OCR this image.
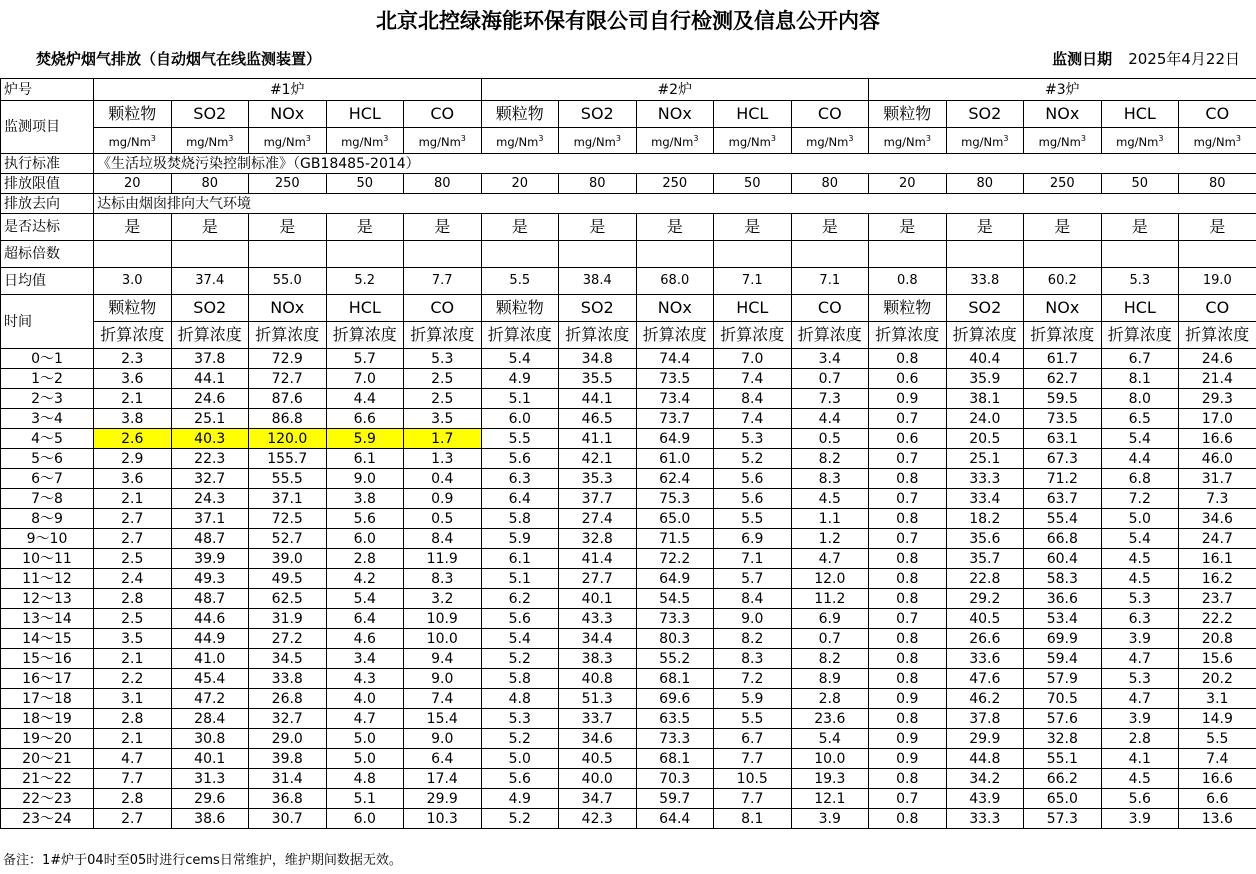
北京北控绿海能环保有限公司自行检测及信息公开内容
焚烧炉烟气排放（自动烟气在线监测装置）	监测日期 2025年4月22日
炉号	#1炉					#2炉					#3炉				
监测项目	颗粒物	SO2	NOx	HCL	CO	颗粒物	SO2	NOx	HCL	CO	颗粒物	SO2	NOx	HCL	CO
	mg/Nm$^3$	mg/Nm$^3$	mg/Nm$^3$	mg/Nm$^3$	mg/Nm$^3$	mg/Nm$^3$	mg/Nm$^3$	mg/Nm$^3$	mg/Nm$^3$	mg/Nm$^3$	mg/Nm$^3$	mg/Nm$^3$	mg/Nm$^3$	mg/Nm$^3$	mg/Nm$^3$
执行标准	《生活垃圾焚烧污染控制标准》（GB18485-2014）														
排放限值	20	80	250	50	80	20	80	250	50	80	20	80	250	50	80
排放去向	达标由烟囱排向大气环境														
是否达标	是	是	是	是	是	是	是	是	是	是	是	是	是	是	是
超标倍数															
日均值	3.0	37.4	55.0	5.2	7.7	5.5	38.4	68.0	7.1	7.1	0.8	33.8	60.2	5.3	19.0
时间	颗粒物	SO2	NOx	HCL	CO	颗粒物	SO2	NOx	HCL	CO	颗粒物	SO2	NOx	HCL	CO
	折算浓度	折算浓度	折算浓度	折算浓度	折算浓度	折算浓度	折算浓度	折算浓度	折算浓度	折算浓度	折算浓度	折算浓度	折算浓度	折算浓度	折算浓度
0～1	2.3	37.8	72.9	5.7	5.3	5.4	34.8	74.4	7.0	3.4	0.8	40.4	61.7	6.7	24.6
1～2	3.6	44.1	72.7	7.0	2.5	4.9	35.5	73.5	7.4	0.7	0.6	35.9	62.7	8.1	21.4
2～3	2.1	24.6	87.6	4.4	2.5	5.1	44.1	73.4	8.4	7.3	0.9	38.1	59.5	8.0	29.3
3～4	3.8	25.1	86.8	6.6	3.5	6.0	46.5	73.7	7.4	4.4	0.7	24.0	73.5	6.5	17.0
4～5	2.6	40.3	120.0	5.9	1.7	5.5	41.1	64.9	5.3	0.5	0.6	20.5	63.1	5.4	16.6
5～6	2.9	22.3	155.7	6.1	1.3	5.6	42.1	61.0	5.2	8.2	0.7	25.1	67.3	4.4	46.0
6～7	3.6	32.7	55.5	9.0	0.4	6.3	35.3	62.4	5.6	8.3	0.8	33.3	71.2	6.8	31.7
7～8	2.1	24.3	37.1	3.8	0.9	6.4	37.7	75.3	5.6	4.5	0.7	33.4	63.7	7.2	7.3
8～9	2.7	37.1	72.5	5.6	0.5	5.8	27.4	65.0	5.5	1.1	0.8	18.2	55.4	5.0	34.6
9～10	2.7	48.7	52.7	6.0	8.4	5.9	32.8	71.5	6.9	1.2	0.7	35.6	66.8	5.4	24.7
10～11	2.5	39.9	39.0	2.8	11.9	6.1	41.4	72.2	7.1	4.7	0.8	35.7	60.4	4.5	16.1
11～12	2.4	49.3	49.5	4.2	8.3	5.1	27.7	64.9	5.7	12.0	0.8	22.8	58.3	4.5	16.2
12～13	2.8	48.7	62.5	5.4	3.2	6.2	40.1	54.5	8.4	11.2	0.8	29.2	36.6	5.3	23.7
13～14	2.5	44.6	31.9	6.4	10.9	5.6	43.3	73.3	9.0	6.9	0.7	40.5	53.4	6.3	22.2
14～15	3.5	44.9	27.2	4.6	10.0	5.4	34.4	80.3	8.2	0.7	0.8	26.6	69.9	3.9	20.8
15～16	2.1	41.0	34.5	3.4	9.4	5.2	38.3	55.2	8.3	8.2	0.8	33.6	59.4	4.7	15.6
16～17	2.2	45.4	33.8	4.3	9.0	5.8	40.8	68.1	7.2	8.9	0.8	47.6	57.9	5.3	20.2
17～18	3.1	47.2	26.8	4.0	7.4	4.8	51.3	69.6	5.9	2.8	0.9	46.2	70.5	4.7	3.1
18～19	2.8	28.4	32.7	4.7	15.4	5.3	33.7	63.5	5.5	23.6	0.8	37.8	57.6	3.9	14.9
19～20	2.1	30.8	29.0	5.0	9.0	5.2	34.6	73.3	6.7	5.4	0.9	29.9	32.8	2.8	5.5
20～21	4.7	40.1	39.8	5.0	6.4	5.0	40.5	68.1	7.7	10.0	0.9	44.8	55.1	4.1	7.4
21～22	7.7	31.3	31.4	4.8	17.4	5.6	40.0	70.3	10.5	19.3	0.8	34.2	66.2	4.5	16.6
22～23	2.8	29.6	36.8	5.1	29.9	4.9	34.7	59.7	7.7	12.1	0.7	43.9	65.0	5.6	6.6
23～24	2.7	38.6	30.7	6.0	10.3	5.2	42.3	64.4	8.1	3.9	0.8	33.3	57.3	3.9	13.6
备注：1#炉于04时至05时进行cems日常维护，维护期间数据无效。
